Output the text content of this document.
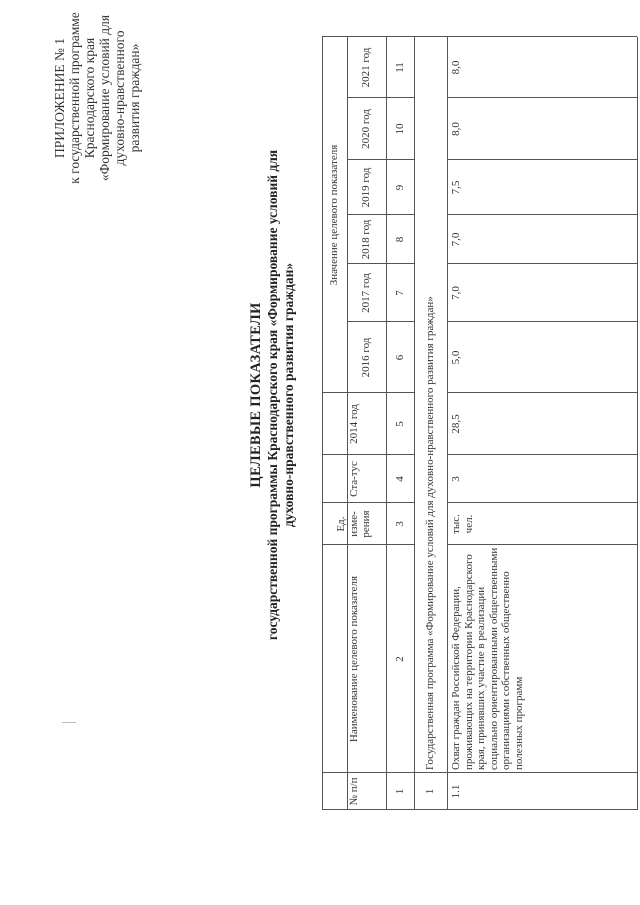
ПРИЛОЖЕНИЕ № 1 к государственной программе Краснодарского края «Формирование условий для духовно-нравственного развития граждан»
ЦЕЛЕВЫЕ ПОКАЗАТЕЛИ государственной программы Краснодарского края «Формирование условий для духовно-нравственного развития граждан»
№ п/п
Наименование целевого показателя
Ед. изме-рения
Ста-тус
2014 год
Значение целевого показателя
2016 год
2017 год
2018 год
2019 год
2020 год
2021 год
1
2
3
4
5
6
7
8
9
10
11
1
Государственная программа «Формирование условий для духовно-нравственного развития граждан»
1.1
Охват граждан Российской Федерации, проживающих на территории Краснодарского края, принявших участие в реализации социально ориентированными общественными организациями собственных общественно полезных программ
тыс. чел.
3
28,5
5,0
7,0
7,0
7,5
8,0
8,0
